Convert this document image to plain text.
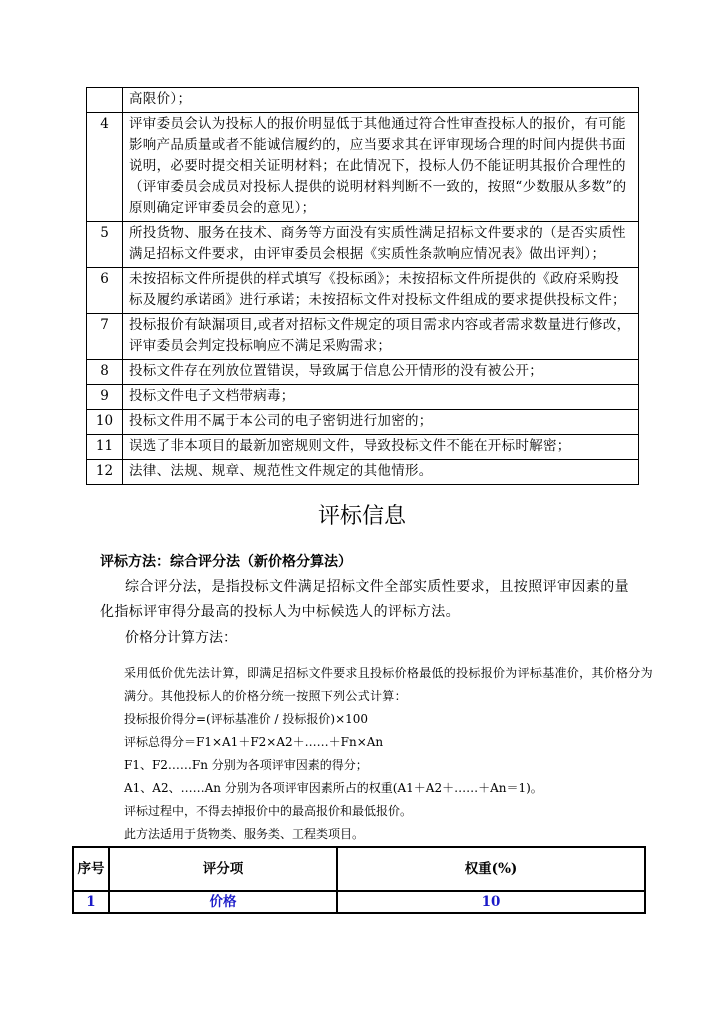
	高限价）；
4	评审委员会认为投标人的报价明显低于其他通过符合性审查投标人的报价，有可能影响产品质量或者不能诚信履约的，应当要求其在评审现场合理的时间内提供书面说明，必要时提交相关证明材料；在此情况下，投标人仍不能证明其报价合理性的（评审委员会成员对投标人提供的说明材料判断不一致的，按照“少数服从多数”的原则确定评审委员会的意见）；
5	所投货物、服务在技术、商务等方面没有实质性满足招标文件要求的（是否实质性满足招标文件要求，由评审委员会根据《实质性条款响应情况表》做出评判）；
6	未按招标文件所提供的样式填写《投标函》；未按招标文件所提供的《政府采购投标及履约承诺函》进行承诺；未按招标文件对投标文件组成的要求提供投标文件；
7	投标报价有缺漏项目,或者对招标文件规定的项目需求内容或者需求数量进行修改，评审委员会判定投标响应不满足采购需求；
8	投标文件存在列放位置错误，导致属于信息公开情形的没有被公开；
9	投标文件电子文档带病毒；
10	投标文件用不属于本公司的电子密钥进行加密的；
11	误选了非本项目的最新加密规则文件，导致投标文件不能在开标时解密；
12	法律、法规、规章、规范性文件规定的其他情形。
评标信息
评标方法：综合评分法（新价格分算法）
综合评分法，是指投标文件满足招标文件全部实质性要求，且按照评审因素的量化指标评审得分最高的投标人为中标候选人的评标方法。
价格分计算方法：
采用低价优先法计算，即满足招标文件要求且投标价格最低的投标报价为评标基准价，其价格分为满分。其他投标人的价格分统一按照下列公式计算：
投标报价得分=(评标基准价 / 投标报价)×100
评标总得分＝F1×A1＋F2×A2＋……＋Fn×An
F1、F2……Fn 分别为各项评审因素的得分；
A1、A2、……An 分别为各项评审因素所占的权重(A1＋A2＋……＋An＝1)。
评标过程中，不得去掉报价中的最高报价和最低报价。
此方法适用于货物类、服务类、工程类项目。
序号	评分项	权重(%)
1	价格	10
